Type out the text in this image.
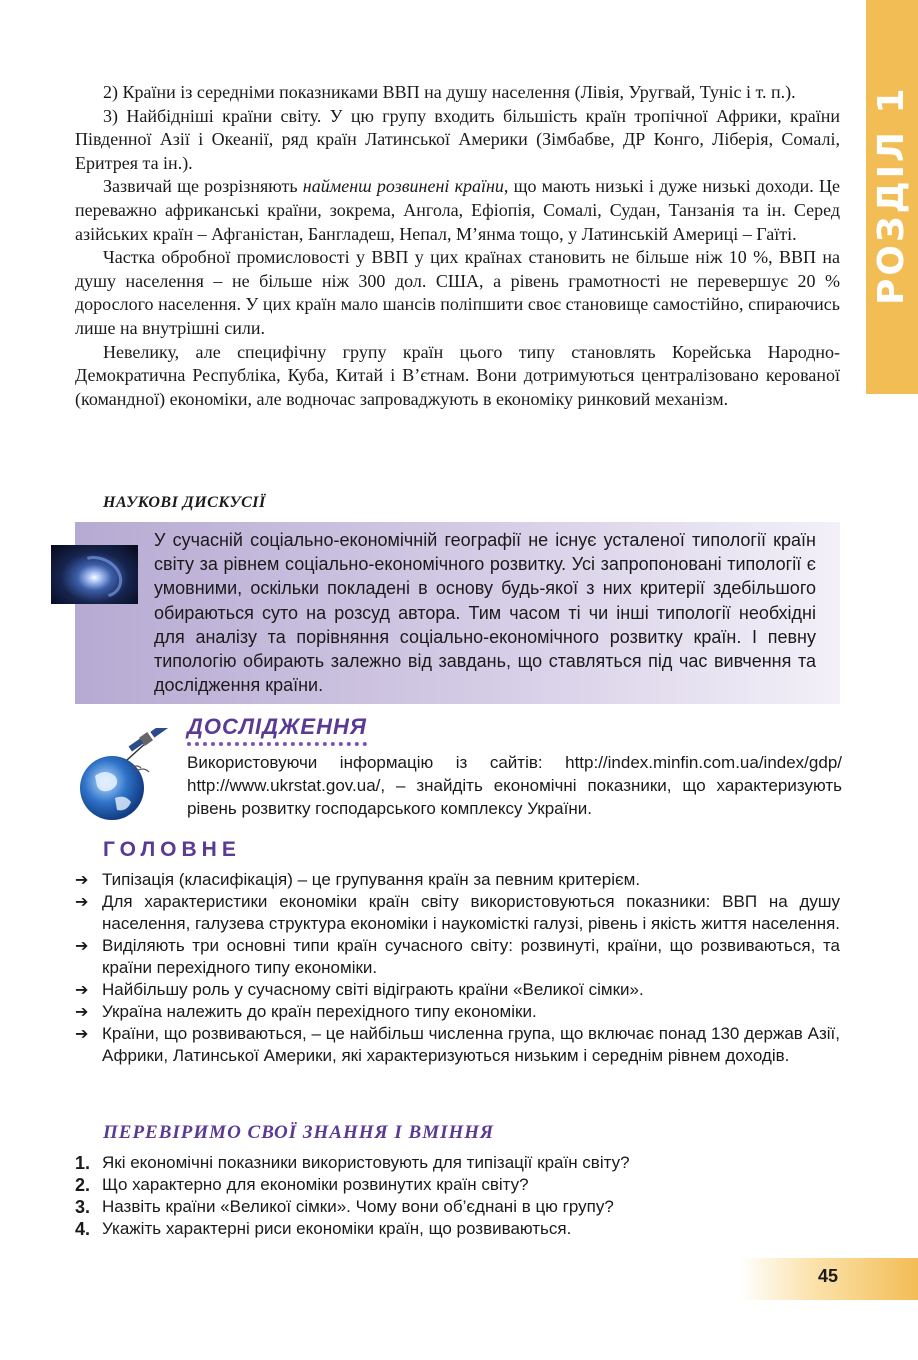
РОЗДІЛ 1

2) Країни із середніми показниками ВВП на душу населення (Лівія, Уругвай, Туніс і т. п.).

3) Найбідніші країни світу. У цю групу входить більшість країн тропічної Африки, країни Південної Азії і Океанії, ряд країн Латинської Америки (Зімбабве, ДР Конго, Ліберія, Сомалі, Еритрея та ін.).

Зазвичай ще розрізняють найменш розвинені країни, що мають низькі і дуже низькі доходи. Це переважно африканські країни, зокрема, Ангола, Ефіопія, Сомалі, Судан, Танзанія та ін. Серед азійських країн – Афганістан, Бангладеш, Непал, М’янма тощо, у Латинській Америці – Гаїті.

Частка обробної промисловості у ВВП у цих країнах становить не більше ніж 10 %, ВВП на душу населення – не більше ніж 300 дол. США, а рівень грамотності не перевершує 20 % дорослого населення. У цих країн мало шансів поліпшити своє становище самостійно, спираючись лише на внутрішні сили.

Невелику, але специфічну групу країн цього типу становлять Корейська Народно-Демократична Республіка, Куба, Китай і В’єтнам. Вони дотримуються централізовано керованої (командної) економіки, але водночас запроваджують в економіку ринковий механізм.

НАУКОВІ ДИСКУСІЇ

У сучасній соціально-економічній географії не існує усталеної типології країн світу за рівнем соціально-економічного розвитку. Усі запропоновані типології є умовними, оскільки покладені в основу будь-якої з них критерії здебільшого обираються суто на розсуд автора. Тим часом ті чи інші типології необхідні для аналізу та порівняння соціально-економічного розвитку країн. І певну типологію обирають залежно від завдань, що ставляться під час вивчення та дослідження країни.

ДОСЛІДЖЕННЯ

Використовуючи інформацію із сайтів: http://index.minfin.com.ua/index/gdp/ http://www.ukrstat.gov.ua/, – знайдіть економічні показники, що характеризують рівень розвитку господарського комплексу України.

ГОЛОВНЕ
➔ Типізація (класифікація) – це групування країн за певним критерієм.
➔ Для характеристики економіки країн світу використовуються показники: ВВП на душу населення, галузева структура економіки і наукомісткі галузі, рівень і якість життя населення.
➔ Виділяють три основні типи країн сучасного світу: розвинуті, країни, що розвиваються, та країни перехідного типу економіки.
➔ Найбільшу роль у сучасному світі відіграють країни «Великої сімки».
➔ Україна належить до країн перехідного типу економіки.
➔ Країни, що розвиваються, – це найбільш численна група, що включає понад 130 держав Азії, Африки, Латинської Америки, які характеризуються низьким і середнім рівнем доходів.
ПЕРЕВІРИМО СВОЇ ЗНАННЯ І ВМІННЯ
1. Які економічні показники використовують для типізації країн світу?
2. Що характерно для економіки розвинутих країн світу?
3. Назвіть країни «Великої сімки». Чому вони об’єднані в цю групу?
4. Укажіть характерні риси економіки країн, що розвиваються.
45
